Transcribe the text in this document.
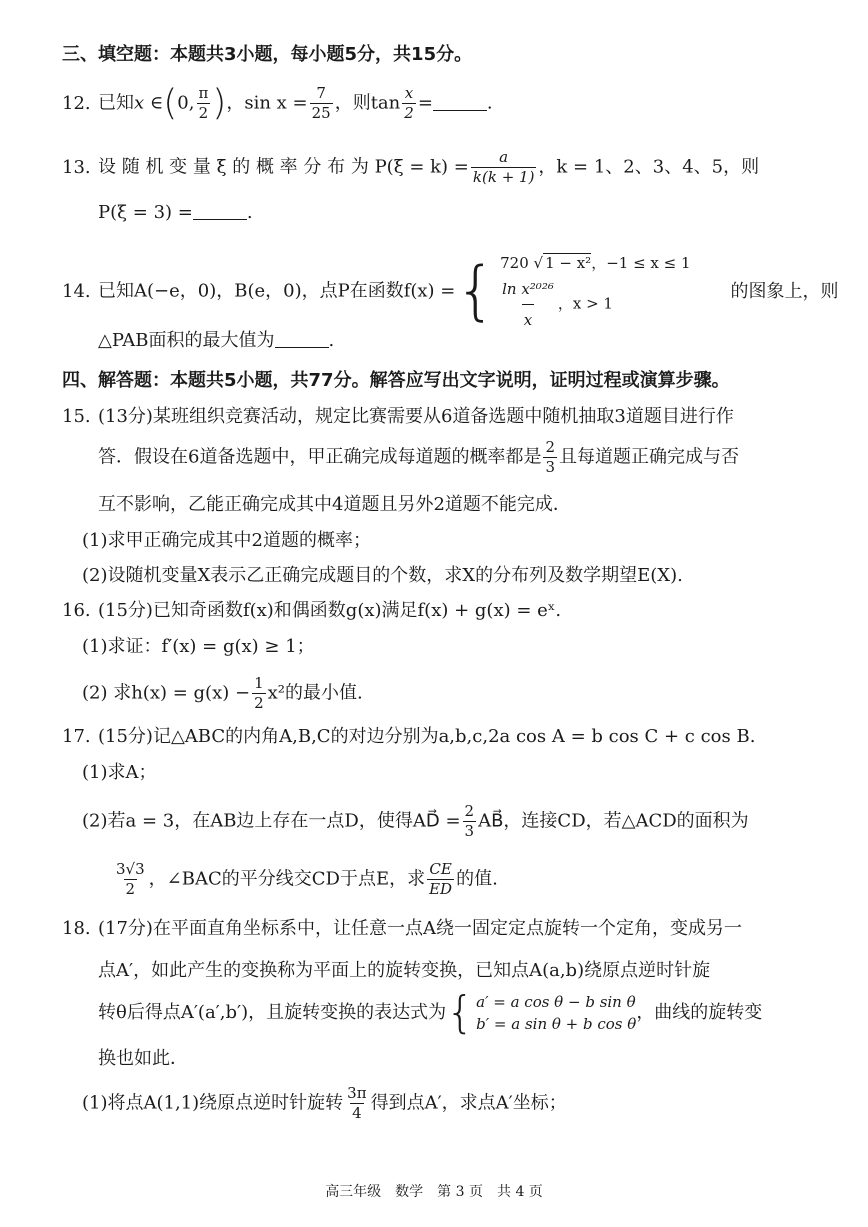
三、填空题：本题共3小题，每小题5分，共15分。
12. 已知x ∈(0, $\frac{\pi}{2}$ )，$\sin x = \frac{7}{25}$ ，则$\tan \frac{x}{2}$ =	.
13. 设 随 机 变 量 ξ 的 概 率 分 布 为 $P(\xi = k) = \frac{a}{k(k + 1)}$ ，k = 1、2、3、4、5，则
P(ξ = 3) =	.
14. 已知A(−e，0)，B(e，0)，点P在函数f(x) ={ 720 √ 1 − x²，−1 ≤ x ≤ 1
$\frac{\text{ln x²⁰²⁶}}{x}$ ，x > 1
的图象上，则
△PAB面积的最大值为	.
四、解答题：本题共5小题，共77分。解答应写出文字说明，证明过程或演算步骤。
15. (13分)某班组织竞赛活动，规定比赛需要从6道备选题中随机抽取3道题目进行作
答．假设在6道备选题中，甲正确完成每道题的概率都是 $\frac{2}{3}$ 且每道题正确完成与否
互不影响，乙能正确完成其中4道题且另外2道题不能完成．
(1)求甲正确完成其中2道题的概率；
(2)设随机变量X表示乙正确完成题目的个数，求X的分布列及数学期望E(X).
16. (15分)已知奇函数f(x)和偶函数g(x)满足f(x) + g(x) = eˣ.
(1)求证：f′(x) = g(x) ≥ 1；
(2) 求$h(x) = g(x) - \frac{1}{2} x^2$的最小值.
17. (15分)记△ABC的内角A,B,C的对边分别为a,b,c,2a cos A = b cos C + c cos B.
(1)求A；
(2)若a = 3，在AB边上存在一点D，使得AD⃗ = $\frac{2}{3}$ AB⃗，连接CD，若△ACD的面积为
$\frac{3√3}{2}$ ，∠BAC的平分线交CD于点E，求 $\frac{CE}{ED}$ 的值.
18. (17分)在平面直角坐标系中，让任意一点A绕一固定定点旋转一个定角，变成另一
点A′，如此产生的变换称为平面上的旋转变换，已知点A(a,b)绕原点逆时针旋
转θ后得点A′(a′,b′)，且旋转变换的表达式为{ a′ = a cos θ − b sin θ
b′ = a sin θ + b cos θ
，曲线的旋转变
换也如此．
(1)将点A(1,1)绕原点逆时针旋转 $\frac{3\pi}{4}$ 得到点A′，求点A′坐标；
高三年级　数学　第 3 页　共 4 页
